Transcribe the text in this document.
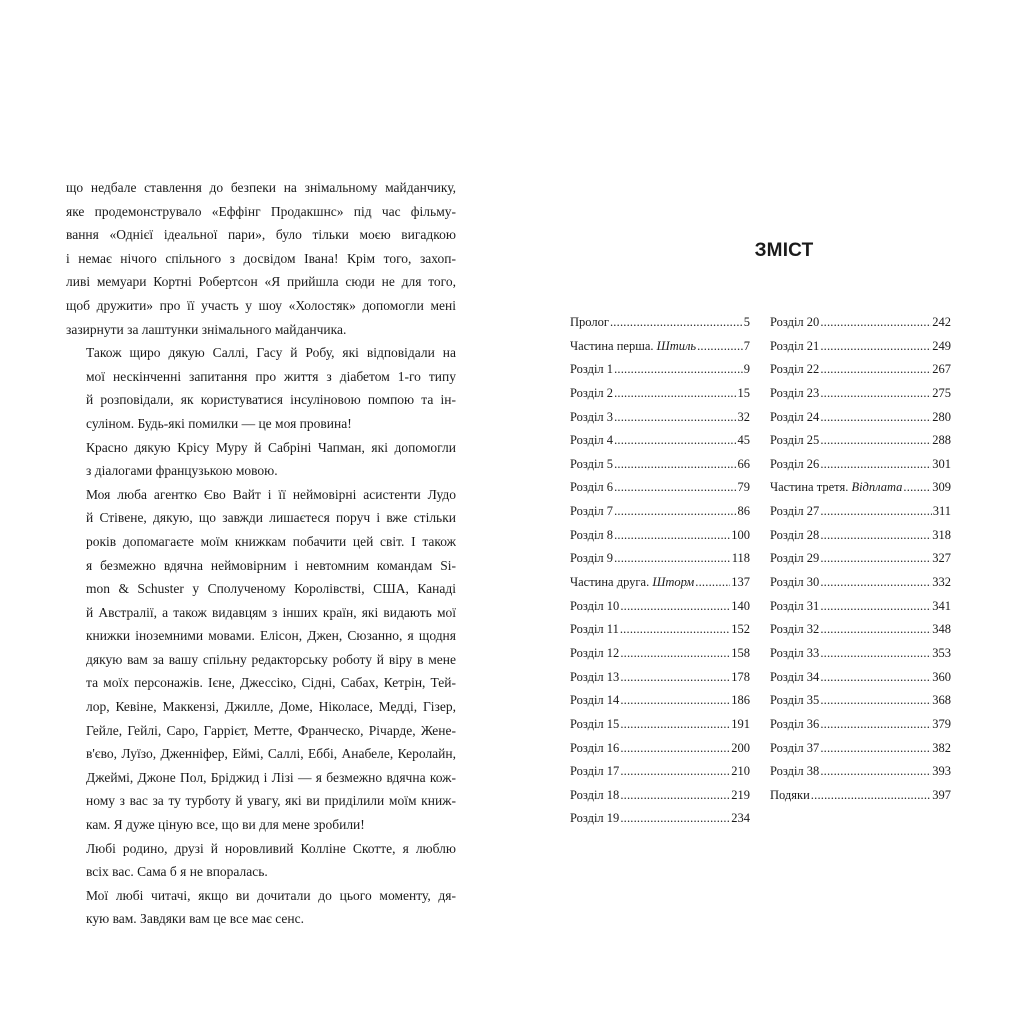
що недбале ставлення до безпеки на знімальному майданчику,
яке продемонструвало «Еффінг Продакшнс» під час фільму-
вання «Однієї ідеальної пари», було тільки моєю вигадкою
і немає нічого спільного з досвідом Івана! Крім того, захоп-
ливі мемуари Кортні Робертсон «Я прийшла сюди не для того,
щоб дружити» про її участь у шоу «Холостяк» допомогли мені
зазирнути за лаштунки знімального майданчика.

Також щиро дякую Саллі, Гасу й Робу, які відповідали на
мої нескінченні запитання про життя з діабетом 1-го типу
й розповідали, як користуватися інсуліновою помпою та ін-
суліном. Будь-які помилки — це моя провина!

Красно дякую Крісу Муру й Сабріні Чапман, які допомогли
з діалогами французькою мовою.

Моя люба агентко Єво Вайт і її неймовірні асистенти Лудо
й Стівене, дякую, що завжди лишаєтеся поруч і вже стільки
років допомагаєте моїм книжкам побачити цей світ. І також
я безмежно вдячна неймовірним і невтомним командам Si-
mon & Schuster у Сполученому Королівстві, США, Канаді
й Австралії, а також видавцям з інших країн, які видають мої
книжки іноземними мовами. Елісон, Джен, Сюзанно, я щодня
дякую вам за вашу спільну редакторську роботу й віру в мене
та моїх персонажів. Ієне, Джессіко, Сідні, Сабах, Кетрін, Тей-
лор, Кевіне, Маккензі, Джилле, Доме, Ніколасе, Медді, Гізер,
Гейле, Гейлі, Саро, Гаррієт, Метте, Франческо, Річарде, Жене-
в'єво, Луїзо, Дженніфер, Еймі, Саллі, Еббі, Анабеле, Керолайн,
Джеймі, Джоне Пол, Бріджид і Лізі — я безмежно вдячна кож-
ному з вас за ту турботу й увагу, які ви приділили моїм книж-
кам. Я дуже ціную все, що ви для мене зробили!

Любі родино, друзі й норовливий Колліне Скотте, я люблю
всіх вас. Сама б я не впоралась.

Мої любі читачі, якщо ви дочитали до цього моменту, дя-
кую вам. Завдяки вам це все має сенс.

ЗМІСТ
Пролог .....	5
Частина перша. Штиль .....	7
Розділ 1 .....	9
Розділ 2 .....	15
Розділ 3 .....	32
Розділ 4 .....	45
Розділ 5 .....	66
Розділ 6 .....	79
Розділ 7 .....	86
Розділ 8 .....	100
Розділ 9 .....	118
Частина друга. Шторм .....	137
Розділ 10 .....	140
Розділ 11 .....	152
Розділ 12 .....	158
Розділ 13 .....	178
Розділ 14 .....	186
Розділ 15 .....	191
Розділ 16 .....	200
Розділ 17 .....	210
Розділ 18 .....	219
Розділ 19 .....	234
Розділ 20 .....	242
Розділ 21 .....	249
Розділ 22 .....	267
Розділ 23 .....	275
Розділ 24 .....	280
Розділ 25 .....	288
Розділ 26 .....	301
Частина третя. Відплата ..... 309
Розділ 27 .....	311
Розділ 28 .....	318
Розділ 29 .....	327
Розділ 30 .....	332
Розділ 31 .....	341
Розділ 32 .....	348
Розділ 33 .....	353
Розділ 34 .....	360
Розділ 35 .....	368
Розділ 36 .....	379
Розділ 37 .....	382
Розділ 38 .....	393
Подяки .....	397
